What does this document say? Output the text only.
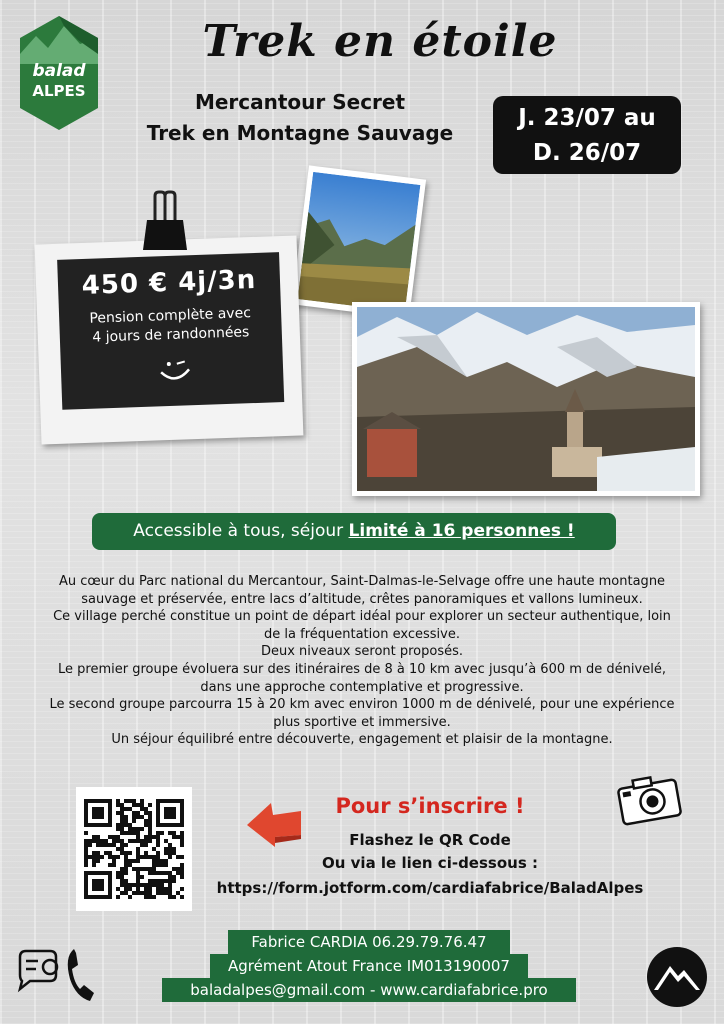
balad
ALPES
Trek en étoile
Mercantour Secret
Trek en Montagne Sauvage
J. 23/07 au
D. 26/07
450 € 4j/3n
Pension complète avec
4 jours de randonnées
Accessible à tous, séjour Limité à 16 personnes !
Au cœur du Parc national du Mercantour, Saint-Dalmas-le-Selvage offre une haute montagne
sauvage et préservée, entre lacs d’altitude, crêtes panoramiques et vallons lumineux.
Ce village perché constitue un point de départ idéal pour explorer un secteur authentique, loin
de la fréquentation excessive.
Deux niveaux seront proposés.
Le premier groupe évoluera sur des itinéraires de 8 à 10 km avec jusqu’à 600 m de dénivelé,
dans une approche contemplative et progressive.
Le second groupe parcourra 15 à 20 km avec environ 1000 m de dénivelé, pour une expérience
plus sportive et immersive.
Un séjour équilibré entre découverte, engagement et plaisir de la montagne.
Pour s’inscrire !
Flashez le QR Code
Ou via le lien ci-dessous :
https://form.jotform.com/cardiafabrice/BaladAlpes
Fabrice CARDIA 06.29.79.76.47
Agrément Atout France IM013190007
baladalpes@gmail.com - www.cardiafabrice.pro
